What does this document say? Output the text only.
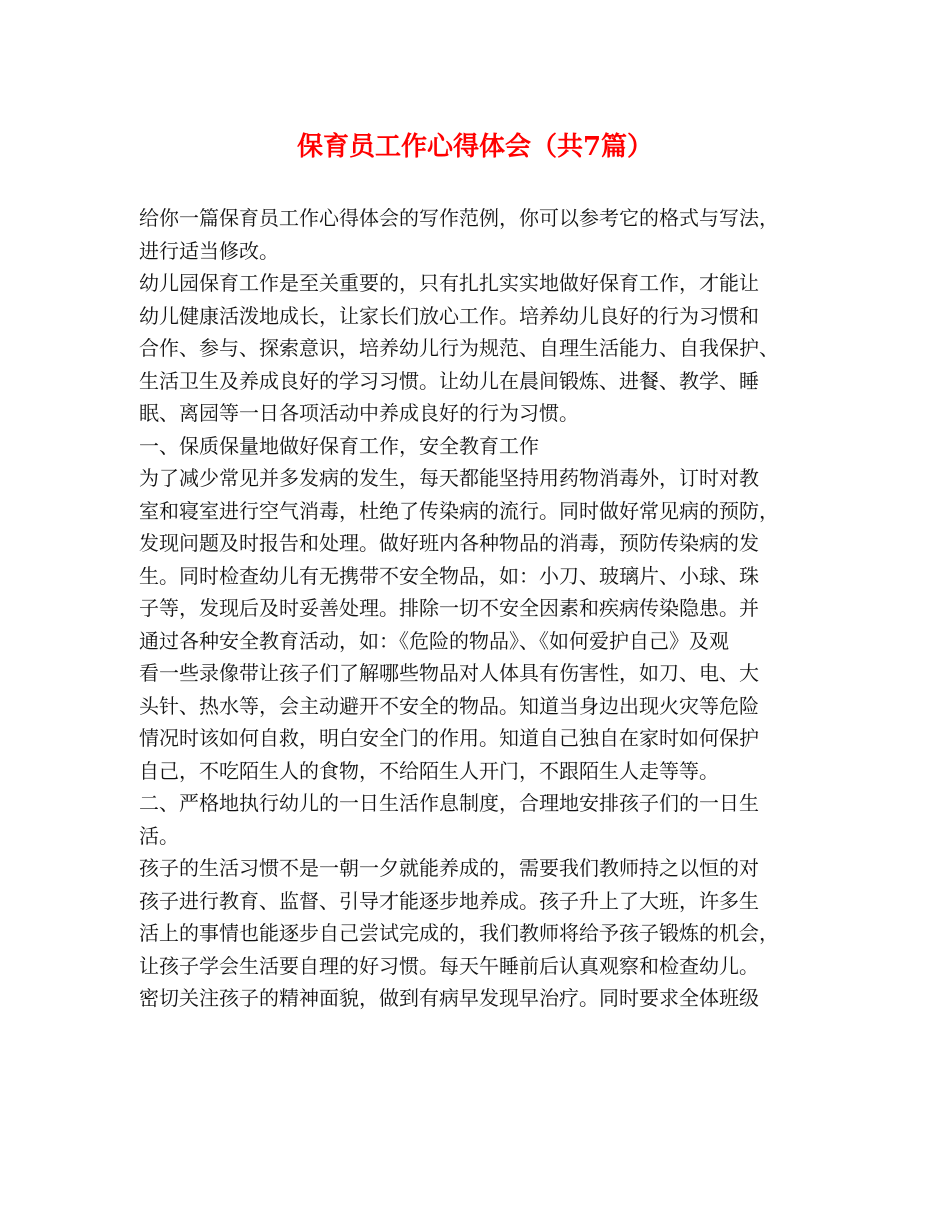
保育员工作心得体会（共7篇）
给你一篇保育员工作心得体会的写作范例，你可以参考它的格式与写法，
进行适当修改。
幼儿园保育工作是至关重要的，只有扎扎实实地做好保育工作，才能让
幼儿健康活泼地成长，让家长们放心工作。培养幼儿良好的行为习惯和
合作、参与、探索意识，培养幼儿行为规范、自理生活能力、自我保护、
生活卫生及养成良好的学习习惯。让幼儿在晨间锻炼、进餐、教学、睡
眠、离园等一日各项活动中养成良好的行为习惯。
一、保质保量地做好保育工作，安全教育工作
为了减少常见并多发病的发生，每天都能坚持用药物消毒外，订时对教
室和寝室进行空气消毒，杜绝了传染病的流行。同时做好常见病的预防，
发现问题及时报告和处理。做好班内各种物品的消毒，预防传染病的发
生。同时检查幼儿有无携带不安全物品，如：小刀、玻璃片、小球、珠
子等，发现后及时妥善处理。排除一切不安全因素和疾病传染隐患。并
通过各种安全教育活动，如：《危险的物品》、《如何爱护自己》及观
看一些录像带让孩子们了解哪些物品对人体具有伤害性，如刀、电、大
头针、热水等，会主动避开不安全的物品。知道当身边出现火灾等危险
情况时该如何自救，明白安全门的作用。知道自己独自在家时如何保护
自己，不吃陌生人的食物，不给陌生人开门，不跟陌生人走等等。
二、严格地执行幼儿的一日生活作息制度，合理地安排孩子们的一日生
活。
孩子的生活习惯不是一朝一夕就能养成的，需要我们教师持之以恒的对
孩子进行教育、监督、引导才能逐步地养成。孩子升上了大班，许多生
活上的事情也能逐步自己尝试完成的，我们教师将给予孩子锻炼的机会，
让孩子学会生活要自理的好习惯。每天午睡前后认真观察和检查幼儿。
密切关注孩子的精神面貌，做到有病早发现早治疗。同时要求全体班级
